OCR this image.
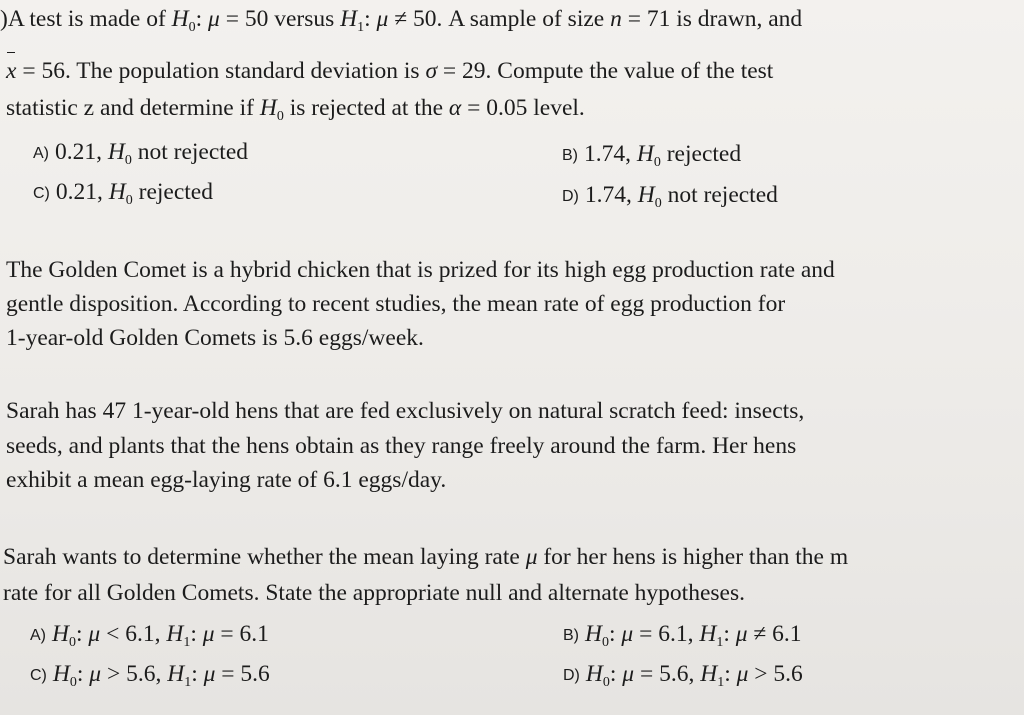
)A test is made of $H_0$: μ = 50 versus $H_1$: μ ≠ 50. A sample of size n = 71 is drawn, and
x = 56. The population standard deviation is σ = 29. Compute the value of the test
statistic z and determine if $H_0$ is rejected at the α = 0.05 level.
A) 0.21, $H_0$ not rejected	B) 1.74, $H_0$ rejected
C) 0.21, $H_0$ rejected	D) 1.74, $H_0$ not rejected
The Golden Comet is a hybrid chicken that is prized for its high egg production rate and
gentle disposition. According to recent studies, the mean rate of egg production for
1-year-old Golden Comets is 5.6 eggs/week.
Sarah has 47 1-year-old hens that are fed exclusively on natural scratch feed: insects,
seeds, and plants that the hens obtain as they range freely around the farm. Her hens
exhibit a mean egg-laying rate of 6.1 eggs/day.
Sarah wants to determine whether the mean laying rate μ for her hens is higher than the m
rate for all Golden Comets. State the appropriate null and alternate hypotheses.
A) $H_0$: μ < 6.1, $H_1$: μ = 6.1	B) $H_0$: μ = 6.1, $H_1$: μ ≠ 6.1
C) $H_0$: μ > 5.6, $H_1$: μ = 5.6	D) $H_0$: μ = 5.6, $H_1$: μ > 5.6
